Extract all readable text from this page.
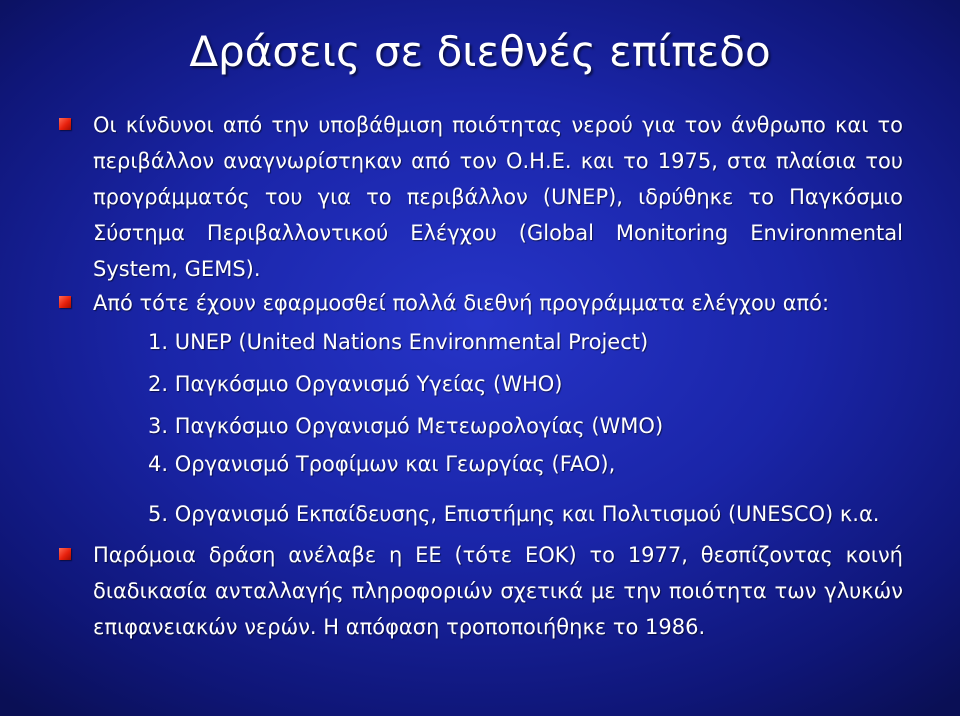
Δράσεις σε διεθνές επίπεδο
Οι κίνδυνοι από την υποβάθμιση ποιότητας νερού για τον άνθρωπο και το
περιβάλλον αναγνωρίστηκαν από τον Ο.Η.Ε. και το 1975, στα πλαίσια του
προγράμματός του για το περιβάλλον (UNEP), ιδρύθηκε το Παγκόσμιο
Σύστημα Περιβαλλοντικού Ελέγχου (Global Monitoring Environmental
System, GEMS).
Από τότε έχουν εφαρμοσθεί πολλά διεθνή προγράμματα ελέγχου από:
1. UNEP (United Nations Environmental Project)
2. Παγκόσμιο Οργανισμό Υγείας (WHO)
3. Παγκόσμιο Οργανισμό Μετεωρολογίας (WMO)
4. Οργανισμό Τροφίμων και Γεωργίας (FAO),
5. Οργανισμό Εκπαίδευσης, Επιστήμης και Πολιτισμού (UNESCO) κ.α.
Παρόμοια δράση ανέλαβε η ΕΕ (τότε ΕΟΚ) το 1977, θεσπίζοντας κοινή
διαδικασία ανταλλαγής πληροφοριών σχετικά με την ποιότητα των γλυκών
επιφανειακών νερών. Η απόφαση τροποποιήθηκε το 1986.
